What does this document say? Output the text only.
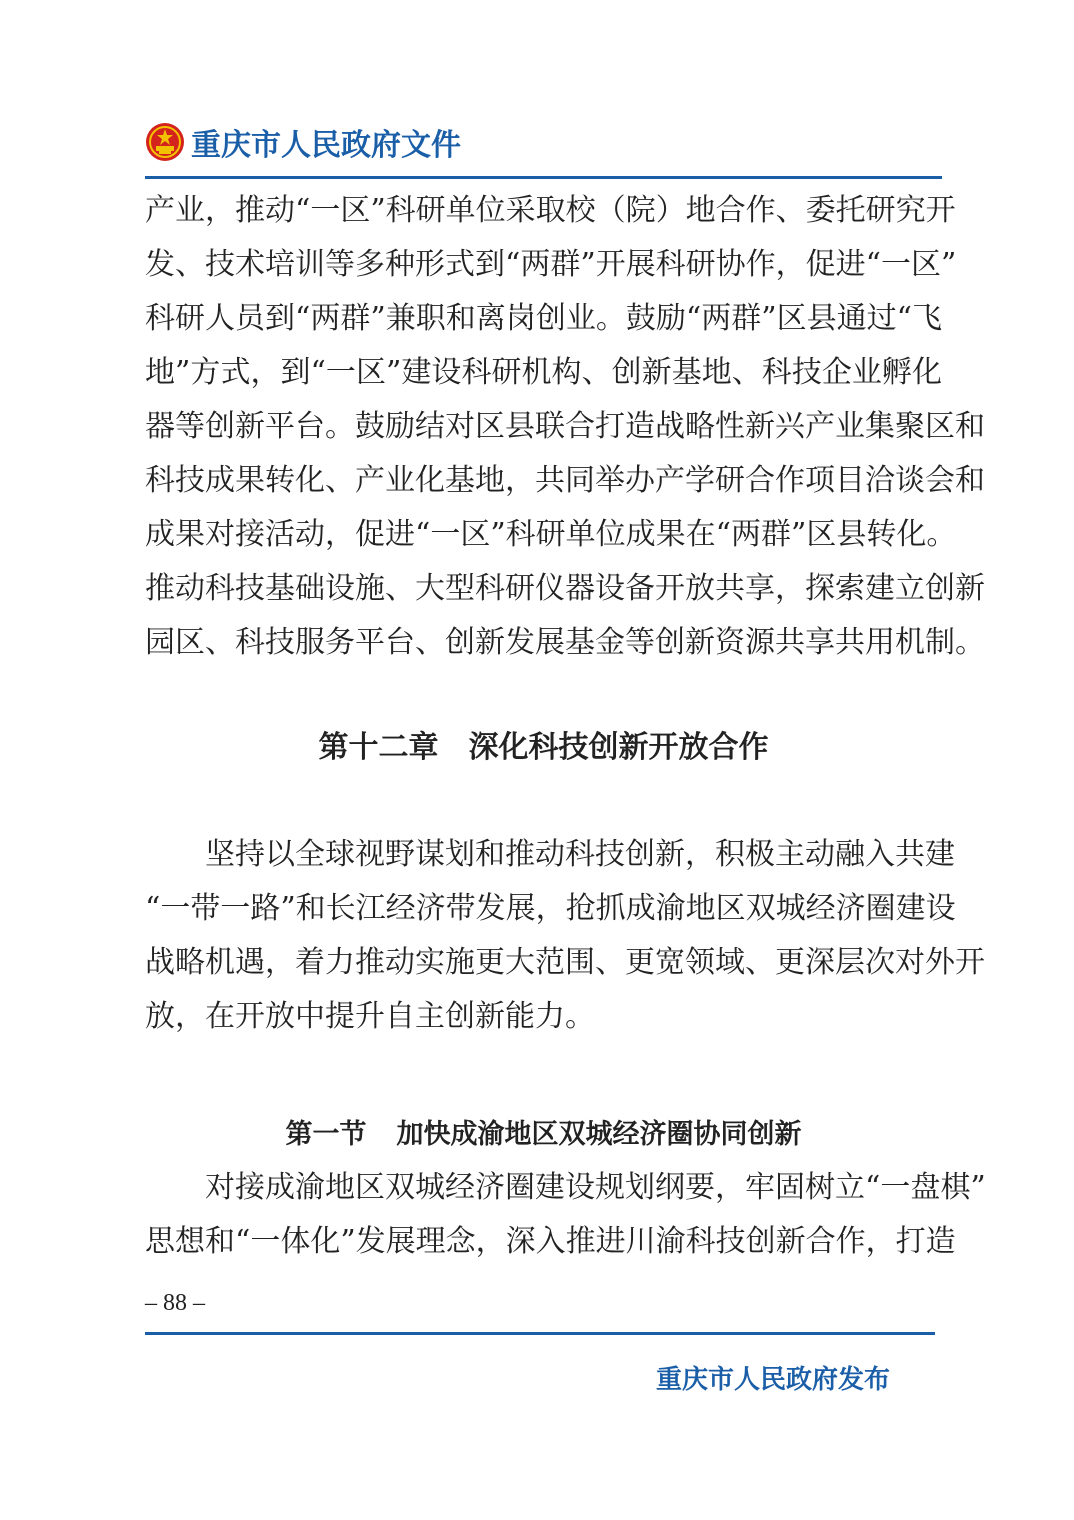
重庆市人民政府文件
产业，推动“一区”科研单位采取校（院）地合作、委托研究开
发、技术培训等多种形式到“两群”开展科研协作，促进“一区”
科研人员到“两群”兼职和离岗创业。鼓励“两群”区县通过“飞
地”方式，到“一区”建设科研机构、创新基地、科技企业孵化
器等创新平台。鼓励结对区县联合打造战略性新兴产业集聚区和
科技成果转化、产业化基地，共同举办产学研合作项目洽谈会和
成果对接活动，促进“一区”科研单位成果在“两群”区县转化。
推动科技基础设施、大型科研仪器设备开放共享，探索建立创新
园区、科技服务平台、创新发展基金等创新资源共享共用机制。
第十二章 深化科技创新开放合作
坚持以全球视野谋划和推动科技创新，积极主动融入共建
“一带一路”和长江经济带发展，抢抓成渝地区双城经济圈建设
战略机遇，着力推动实施更大范围、更宽领域、更深层次对外开
放，在开放中提升自主创新能力。
第一节 加快成渝地区双城经济圈协同创新
对接成渝地区双城经济圈建设规划纲要，牢固树立“一盘棋”
思想和“一体化”发展理念，深入推进川渝科技创新合作，打造
– 88 –
重庆市人民政府发布
